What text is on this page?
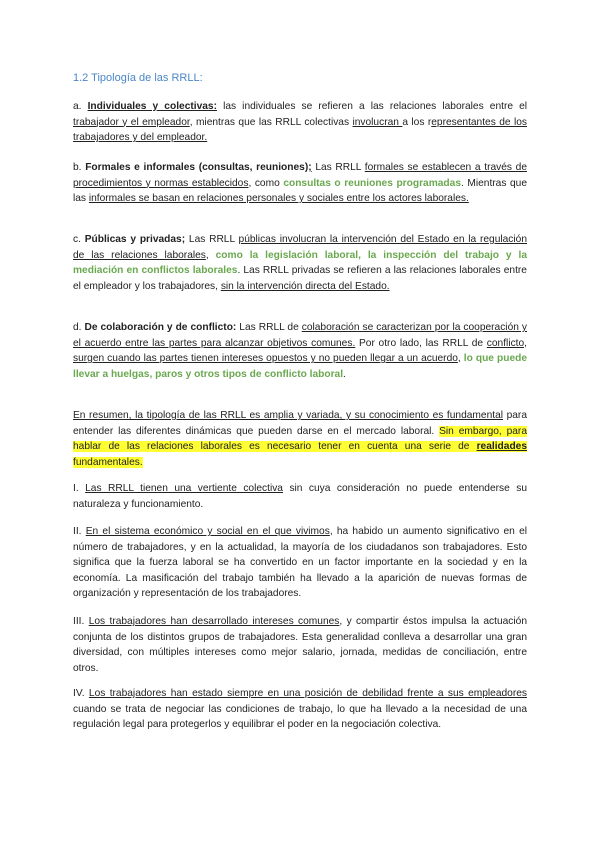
1.2 Tipología de las RRLL:
a. Individuales y colectivas: las individuales se refieren a las relaciones laborales entre el trabajador y el empleador, mientras que las RRLL colectivas involucran a los representantes de los trabajadores y del empleador.
b. Formales e informales (consultas, reuniones); Las RRLL formales se establecen a través de procedimientos y normas establecidos, como consultas o reuniones programadas. Mientras que las informales se basan en relaciones personales y sociales entre los actores laborales.
c. Públicas y privadas; Las RRLL públicas involucran la intervención del Estado en la regulación de las relaciones laborales, como la legislación laboral, la inspección del trabajo y la mediación en conflictos laborales. Las RRLL privadas se refieren a las relaciones laborales entre el empleador y los trabajadores, sin la intervención directa del Estado.
d. De colaboración y de conflicto: Las RRLL de colaboración se caracterizan por la cooperación y el acuerdo entre las partes para alcanzar objetivos comunes. Por otro lado, las RRLL de conflicto, surgen cuando las partes tienen intereses opuestos y no pueden llegar a un acuerdo, lo que puede llevar a huelgas, paros y otros tipos de conflicto laboral.
En resumen, la tipología de las RRLL es amplia y variada, y su conocimiento es fundamental para entender las diferentes dinámicas que pueden darse en el mercado laboral. Sin embargo, para hablar de las relaciones laborales es necesario tener en cuenta una serie de realidades fundamentales.
I. Las RRLL tienen una vertiente colectiva sin cuya consideración no puede entenderse su naturaleza y funcionamiento.
II. En el sistema económico y social en el que vivimos, ha habido un aumento significativo en el número de trabajadores, y en la actualidad, la mayoría de los ciudadanos son trabajadores. Esto significa que la fuerza laboral se ha convertido en un factor importante en la sociedad y en la economía. La masificación del trabajo también ha llevado a la aparición de nuevas formas de organización y representación de los trabajadores.
III. Los trabajadores han desarrollado intereses comunes, y compartir éstos impulsa la actuación conjunta de los distintos grupos de trabajadores. Esta generalidad conlleva a desarrollar una gran diversidad, con múltiples intereses como mejor salario, jornada, medidas de conciliación, entre otros.
IV. Los trabajadores han estado siempre en una posición de debilidad frente a sus empleadores cuando se trata de negociar las condiciones de trabajo, lo que ha llevado a la necesidad de una regulación legal para protegerlos y equilibrar el poder en la negociación colectiva.
